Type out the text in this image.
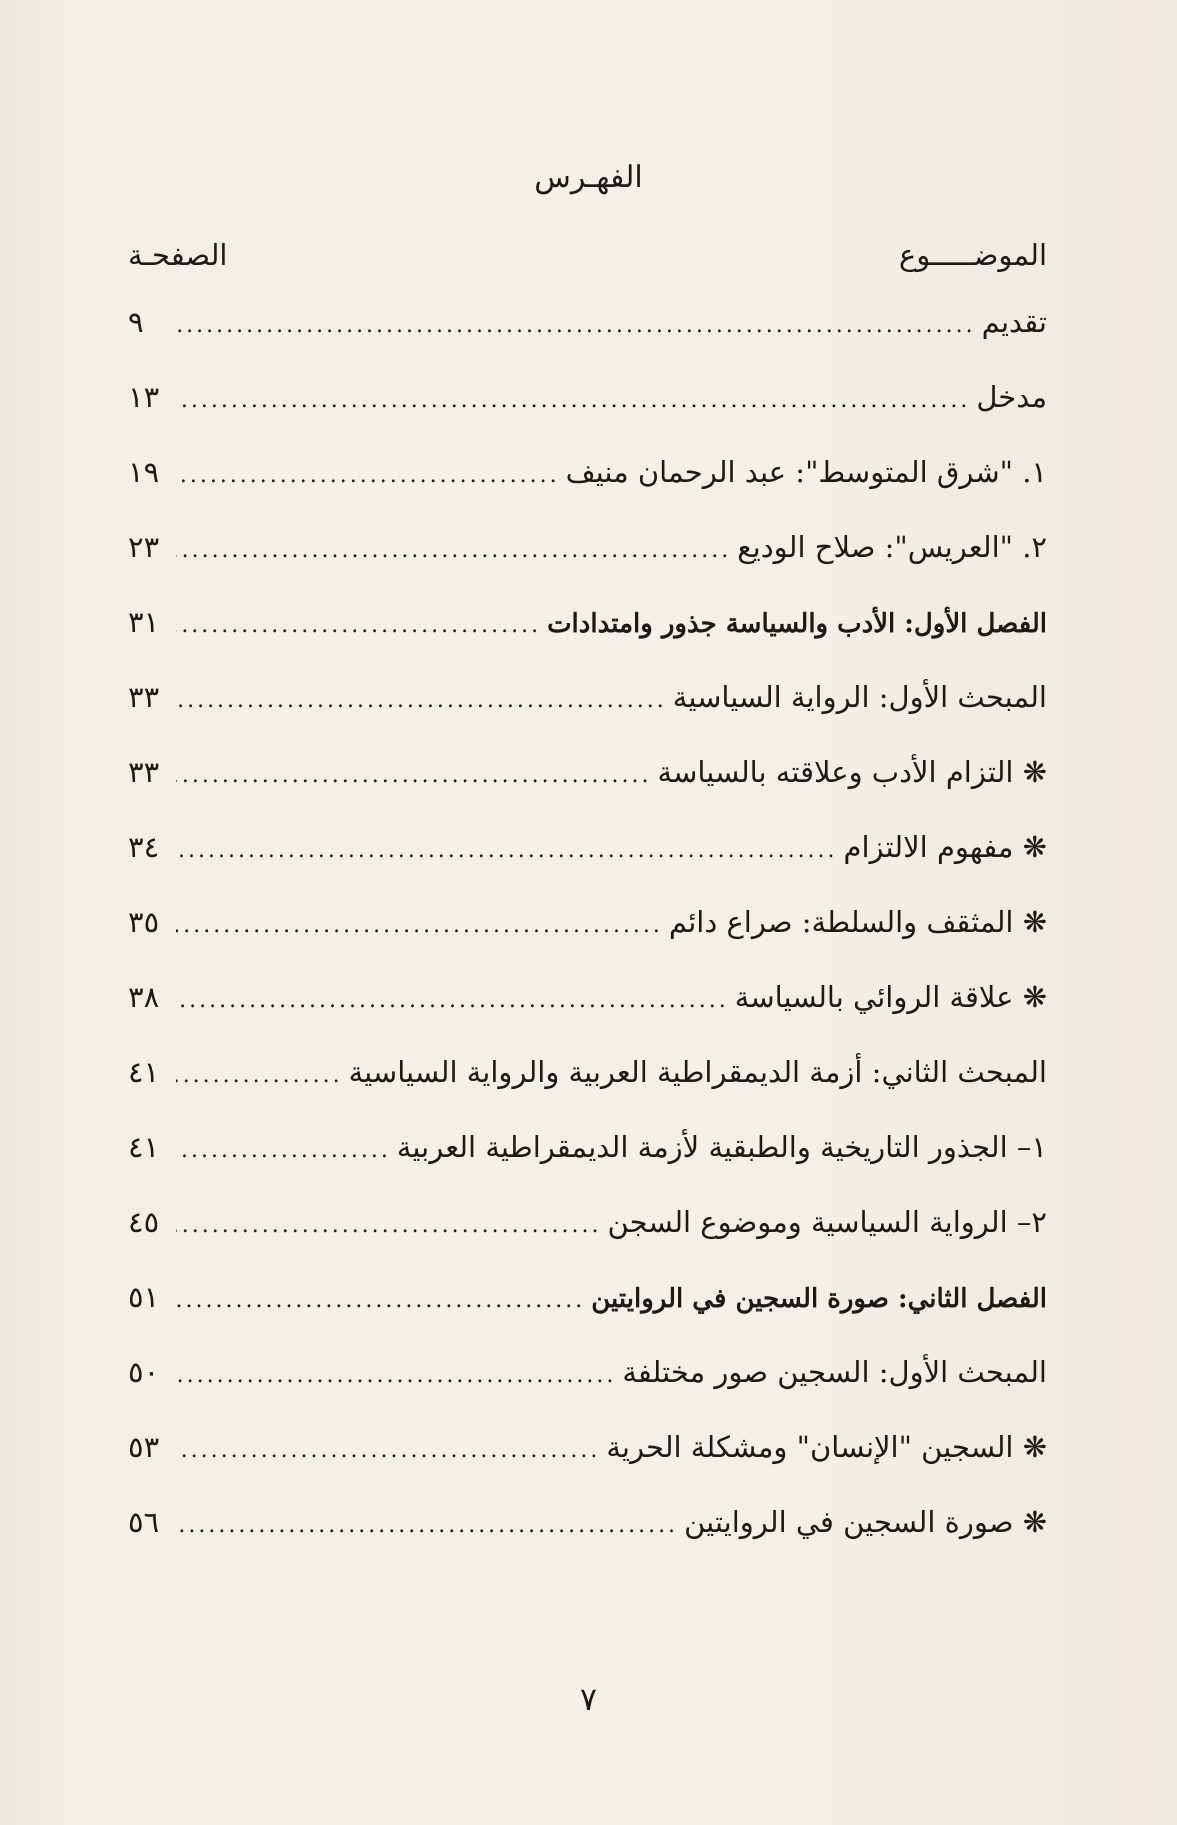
الفهـرس
الموضـــــوع
الصفحـة
تقديم
.....
٩
مدخل
.....
١٣
١. "شرق المتوسط": عبد الرحمان منيف
.....
١٩
٢. "العريس": صلاح الوديع
.....
٢٣
الفصل الأول: الأدب والسياسة جذور وامتدادات
.....
٣١
المبحث الأول: الرواية السياسية
.....
٣٣
❋ التزام الأدب وعلاقته بالسياسة
.....
٣٣
❋ مفهوم الالتزام
.....
٣٤
❋ المثقف والسلطة: صراع دائم
.....
٣٥
❋ علاقة الروائي بالسياسة
.....
٣٨
المبحث الثاني: أزمة الديمقراطية العربية والرواية السياسية
.....
٤١
١– الجذور التاريخية والطبقية لأزمة الديمقراطية العربية
.....
٤١
٢– الرواية السياسية وموضوع السجن
.....
٤٥
الفصل الثاني: صورة السجين في الروايتين
.....
٥١
المبحث الأول: السجين صور مختلفة
.....
٥٠
❋ السجين "الإنسان" ومشكلة الحرية
.....
٥٣
❋ صورة السجين في الروايتين
.....
٥٦
٧
